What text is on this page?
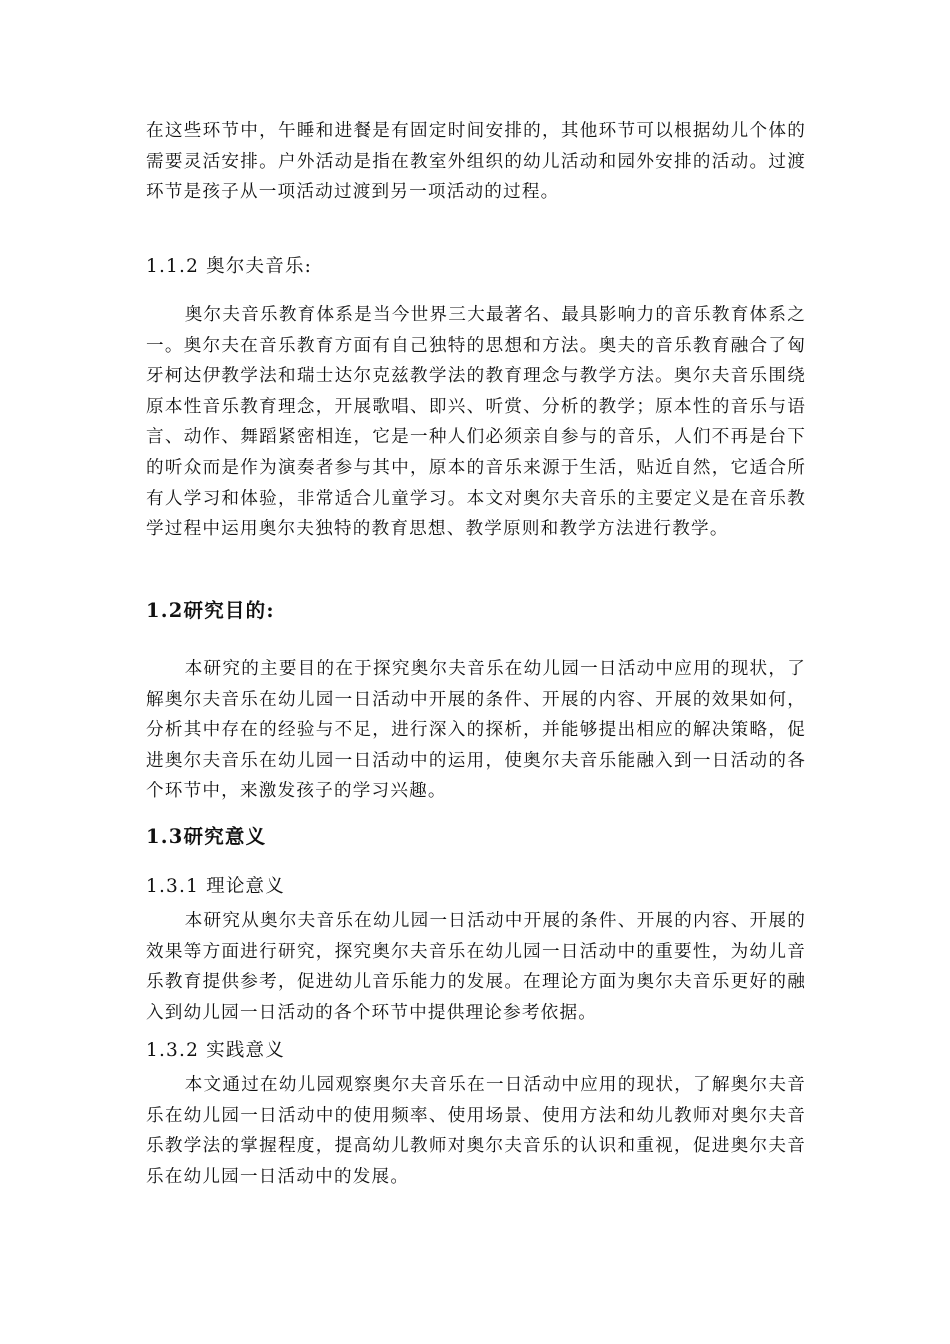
在这些环节中，午睡和进餐是有固定时间安排的，其他环节可以根据幼儿个体的需要灵活安排。户外活动是指在教室外组织的幼儿活动和园外安排的活动。过渡环节是孩子从一项活动过渡到另一项活动的过程。

1.1.2 奥尔夫音乐:

奥尔夫音乐教育体系是当今世界三大最著名、最具影响力的音乐教育体系之一。奥尔夫在音乐教育方面有自己独特的思想和方法。奥夫的音乐教育融合了匈牙柯达伊教学法和瑞士达尔克兹教学法的教育理念与教学方法。奥尔夫音乐围绕原本性音乐教育理念，开展歌唱、即兴、听赏、分析的教学；原本性的音乐与语言、动作、舞蹈紧密相连，它是一种人们必须亲自参与的音乐，人们不再是台下的听众而是作为演奏者参与其中，原本的音乐来源于生活，贴近自然，它适合所有人学习和体验，非常适合儿童学习。本文对奥尔夫音乐的主要定义是在音乐教学过程中运用奥尔夫独特的教育思想、教学原则和教学方法进行教学。

1.2研究目的:

本研究的主要目的在于探究奥尔夫音乐在幼儿园一日活动中应用的现状，了解奥尔夫音乐在幼儿园一日活动中开展的条件、开展的内容、开展的效果如何，分析其中存在的经验与不足，进行深入的探析，并能够提出相应的解决策略，促进奥尔夫音乐在幼儿园一日活动中的运用，使奥尔夫音乐能融入到一日活动的各个环节中，来激发孩子的学习兴趣。

1.3研究意义
1.3.1 理论意义

本研究从奥尔夫音乐在幼儿园一日活动中开展的条件、开展的内容、开展的效果等方面进行研究，探究奥尔夫音乐在幼儿园一日活动中的重要性，为幼儿音乐教育提供参考，促进幼儿音乐能力的发展。在理论方面为奥尔夫音乐更好的融入到幼儿园一日活动的各个环节中提供理论参考依据。

1.3.2 实践意义

本文通过在幼儿园观察奥尔夫音乐在一日活动中应用的现状，了解奥尔夫音乐在幼儿园一日活动中的使用频率、使用场景、使用方法和幼儿教师对奥尔夫音乐教学法的掌握程度，提高幼儿教师对奥尔夫音乐的认识和重视，促进奥尔夫音乐在幼儿园一日活动中的发展。
